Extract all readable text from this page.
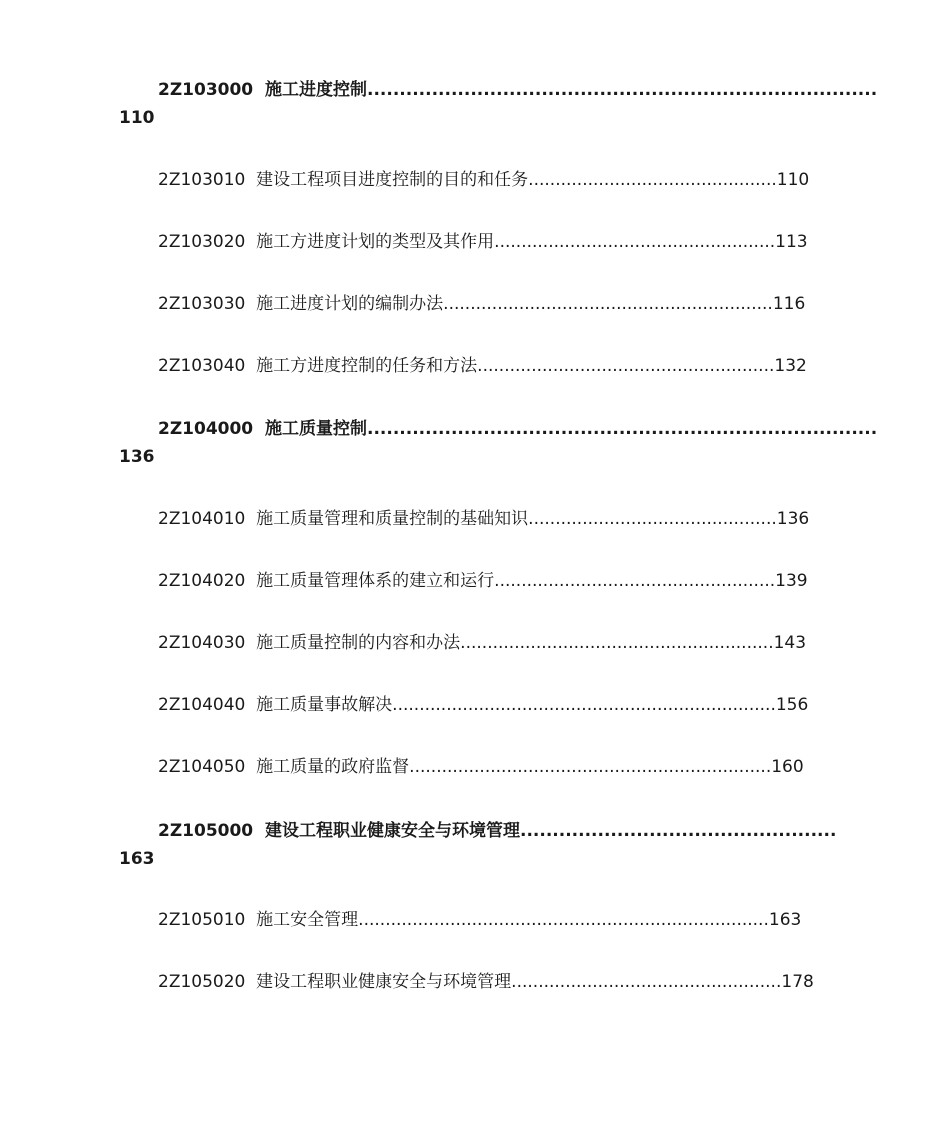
2Z103000 施工进度控制...............................................................................
110
2Z103010 建设工程项目进度控制的目的和任务..............................................110
2Z103020 施工方进度计划的类型及其作用....................................................113
2Z103030 施工进度计划的编制办法.............................................................116
2Z103040 施工方进度控制的任务和方法.......................................................132
2Z104000 施工质量控制...............................................................................
136
2Z104010 施工质量管理和质量控制的基础知识..............................................136
2Z104020 施工质量管理体系的建立和运行....................................................139
2Z104030 施工质量控制的内容和办法..........................................................143
2Z104040 施工质量事故解决.......................................................................156
2Z104050 施工质量的政府监督...................................................................160
2Z105000 建设工程职业健康安全与环境管理.................................................
163
2Z105010 施工安全管理............................................................................163
2Z105020 建设工程职业健康安全与环境管理..................................................178
